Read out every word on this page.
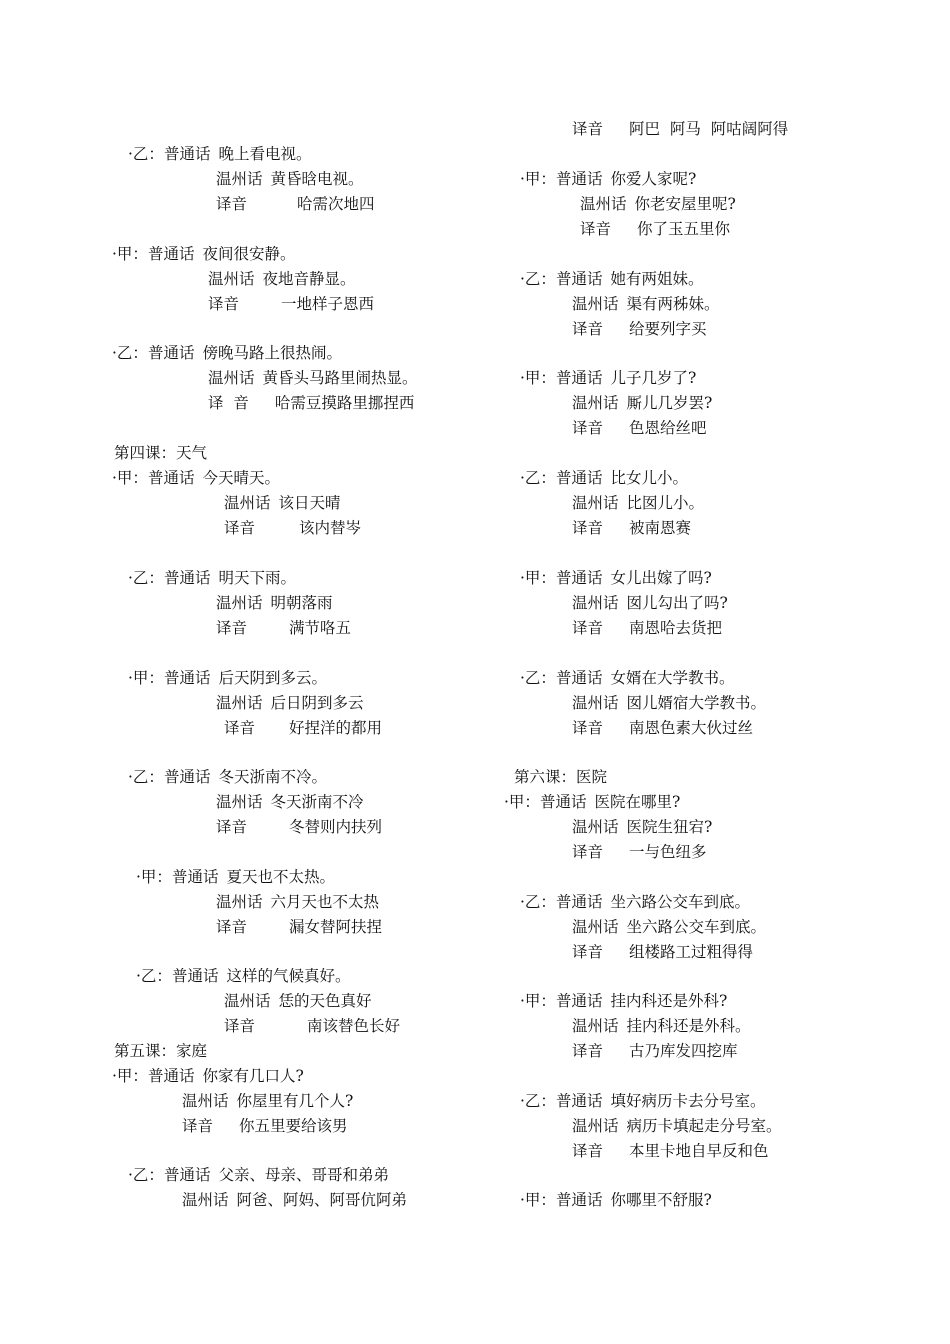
·乙：普通话 晚上看电视。
温州话 黄昏晗电视。
译音	哈需次地四
·甲：普通话 夜间很安静。
温州话 夜地音静显。
译音	一地样子恩西
·乙：普通话 傍晚马路上很热闹。
温州话 黄昏头马路里闹热显。
译  音 哈需豆摸路里挪捏西
第四课：天气
·甲：普通话 今天晴天。
温州话 该日天晴
译音	该内替岑
·乙：普通话 明天下雨。
温州话 明朝落雨
译音	满节咯五
·甲：普通话 后天阴到多云。
温州话 后日阴到多云
译音 好捏洋的都用
·乙：普通话 冬天浙南不冷。
温州话 冬天浙南不冷
译音	冬替则内扶列
·甲：普通话 夏天也不太热。
温州话 六月天也不太热
译音	漏女替阿扶捏
·乙：普通话 这样的气候真好。
温州话 恁的天色真好
译音	南该替色长好
第五课：家庭
·甲：普通话 你家有几口人?
温州话 你屋里有几个人?
译音 你五里要给该男
·乙：普通话 父亲、母亲、哥哥和弟弟
温州话 阿爸、阿妈、阿哥伉阿弟
译音 阿巴  阿马  阿咕阔阿得
·甲：普通话 你爱人家呢?
温州话 你老安屋里呢?
译音 你了玉五里你
·乙：普通话 她有两姐妹。
温州话 渠有两秭妹。
译音 给要列字买
·甲：普通话 儿子几岁了?
温州话 厮儿几岁罢?
译音 色恩给丝吧
·乙：普通话 比女儿小。
温州话 比囡儿小。
译音 被南恩赛
·甲：普通话 女儿出嫁了吗?
温州话 囡儿勾出了吗?
译音 南恩哈去货把
·乙：普通话 女婿在大学教书。
温州话 囡儿婿宿大学教书。
译音 南恩色素大伙过丝
第六课：医院
·甲：普通话 医院在哪里?
温州话 医院生狃宕?
译音 一与色纽多
·乙：普通话 坐六路公交车到底。
温州话 坐六路公交车到底。
译音 组楼路工过粗得得
·甲：普通话 挂内科还是外科?
温州话 挂内科还是外科。
译音 古乃库发四挖库
·乙：普通话 填好病历卡去分号室。
温州话 病历卡填起走分号室。
译音 本里卡地自早反和色
·甲：普通话 你哪里不舒服?
